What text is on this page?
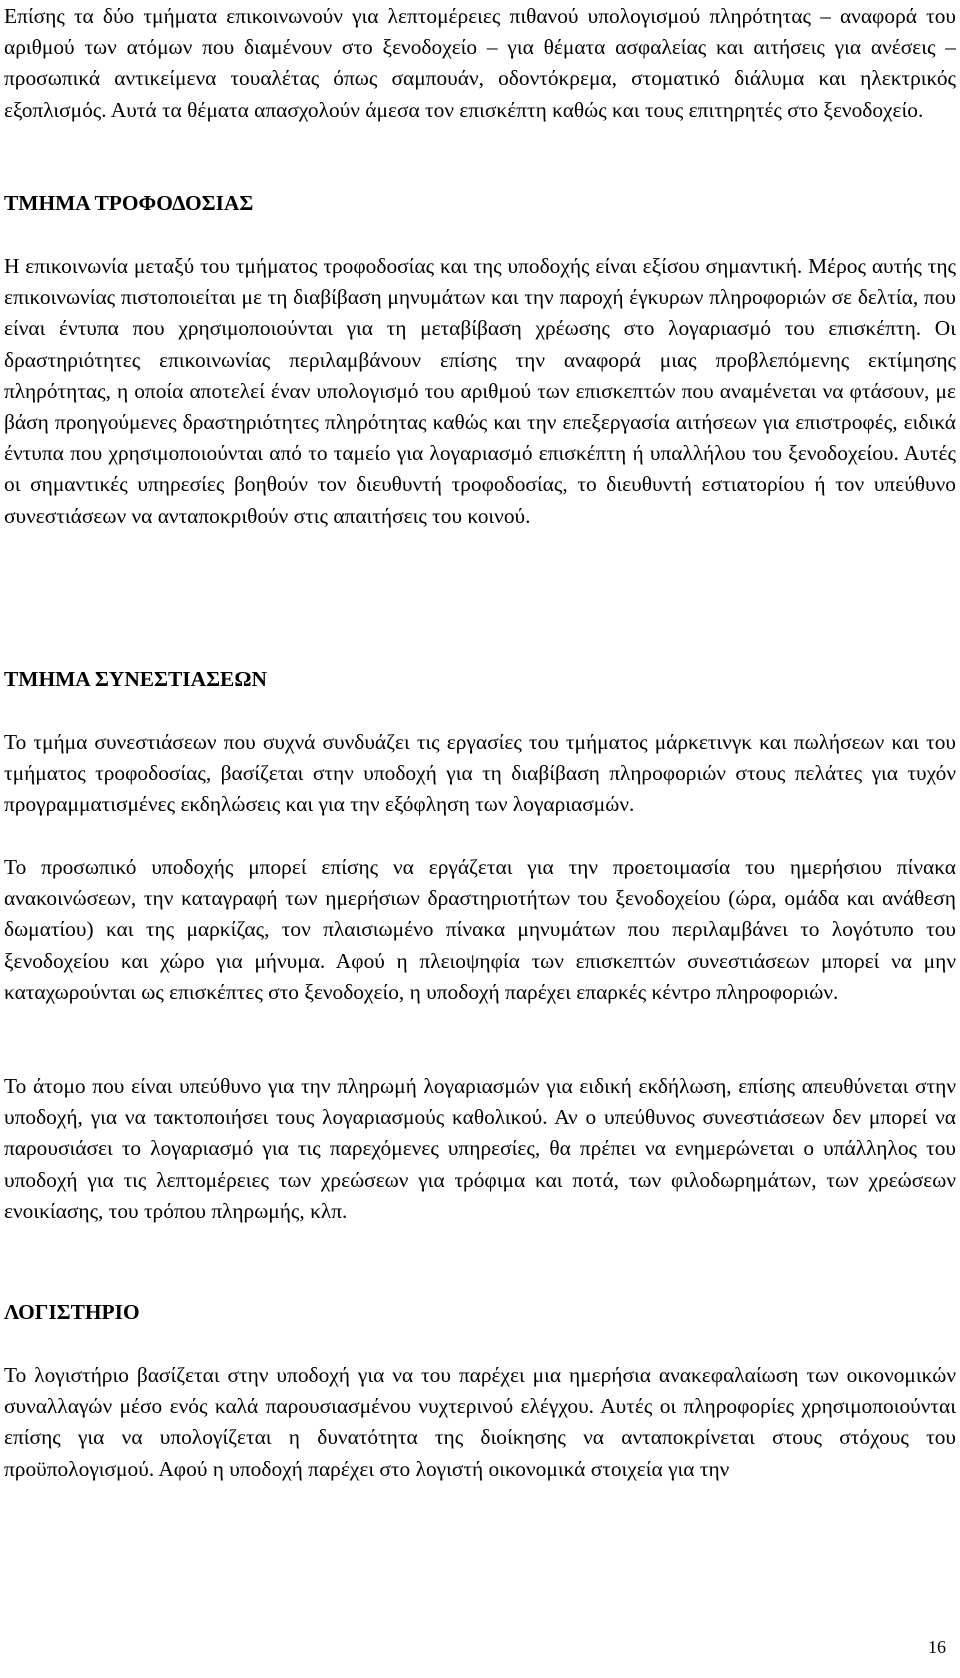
Επίσης τα δύο τμήματα επικοινωνούν για λεπτομέρειες πιθανού υπολογισμού πληρότητας – αναφορά του αριθμού των ατόμων που διαμένουν στο ξενοδοχείο – για θέματα ασφαλείας και αιτήσεις για ανέσεις – προσωπικά αντικείμενα τουαλέτας όπως σαμπουάν, οδοντόκρεμα, στοματικό διάλυμα και ηλεκτρικός εξοπλισμός. Αυτά τα θέματα απασχολούν άμεσα τον επισκέπτη καθώς και τους επιτηρητές στο ξενοδοχείο.

ΤΜΗΜΑ ΤΡΟΦΟΔΟΣΙΑΣ

Η επικοινωνία μεταξύ του τμήματος τροφοδοσίας και της υποδοχής είναι εξίσου σημαντική. Μέρος αυτής της επικοινωνίας πιστοποιείται με τη διαβίβαση μηνυμάτων και την παροχή έγκυρων πληροφοριών σε δελτία, που είναι έντυπα που χρησιμοποιούνται για τη μεταβίβαση χρέωσης στο λογαριασμό του επισκέπτη. Οι δραστηριότητες επικοινωνίας περιλαμβάνουν επίσης την αναφορά μιας προβλεπόμενης εκτίμησης πληρότητας, η οποία αποτελεί έναν υπολογισμό του αριθμού των επισκεπτών που αναμένεται να φτάσουν, με βάση προηγούμενες δραστηριότητες πληρότητας καθώς και την επεξεργασία αιτήσεων για επιστροφές, ειδικά έντυπα που χρησιμοποιούνται από το ταμείο για λογαριασμό επισκέπτη ή υπαλλήλου του ξενοδοχείου. Αυτές οι σημαντικές υπηρεσίες βοηθούν τον διευθυντή τροφοδοσίας, το διευθυντή εστιατορίου ή τον υπεύθυνο συνεστιάσεων να ανταποκριθούν στις απαιτήσεις του κοινού.

ΤΜΗΜΑ ΣΥΝΕΣΤΙΑΣΕΩΝ

Το τμήμα συνεστιάσεων που συχνά συνδυάζει τις εργασίες του τμήματος μάρκετινγκ και πωλήσεων και του τμήματος τροφοδοσίας, βασίζεται στην υποδοχή για τη διαβίβαση πληροφοριών στους πελάτες για τυχόν προγραμματισμένες εκδηλώσεις και για την εξόφληση των λογαριασμών.

Το προσωπικό υποδοχής μπορεί επίσης να εργάζεται για την προετοιμασία του ημερήσιου πίνακα ανακοινώσεων, την καταγραφή των ημερήσιων δραστηριοτήτων του ξενοδοχείου (ώρα, ομάδα και ανάθεση δωματίου) και της μαρκίζας, τον πλαισιωμένο πίνακα μηνυμάτων που περιλαμβάνει το λογότυπο του ξενοδοχείου και χώρο για μήνυμα. Αφού η πλειοψηφία των επισκεπτών συνεστιάσεων μπορεί να μην καταχωρούνται ως επισκέπτες στο ξενοδοχείο, η υποδοχή παρέχει επαρκές κέντρο πληροφοριών.

Το άτομο που είναι υπεύθυνο για την πληρωμή λογαριασμών για ειδική εκδήλωση, επίσης απευθύνεται στην υποδοχή, για να τακτοποιήσει τους λογαριασμούς καθολικού. Αν ο υπεύθυνος συνεστιάσεων δεν μπορεί να παρουσιάσει το λογαριασμό για τις παρεχόμενες υπηρεσίες, θα πρέπει να ενημερώνεται ο υπάλληλος του υποδοχή για τις λεπτομέρειες των χρεώσεων για τρόφιμα και ποτά, των φιλοδωρημάτων, των χρεώσεων ενοικίασης, του τρόπου πληρωμής, κλπ.

ΛΟΓΙΣΤΗΡΙΟ

Το λογιστήριο βασίζεται στην υποδοχή για να του παρέχει μια ημερήσια ανακεφαλαίωση των οικονομικών συναλλαγών μέσο ενός καλά παρουσιασμένου νυχτερινού ελέγχου. Αυτές οι πληροφορίες χρησιμοποιούνται επίσης για να υπολογίζεται η δυνατότητα της διοίκησης να ανταποκρίνεται στους στόχους του προϋπολογισμού. Αφού η υποδοχή παρέχει στο λογιστή οικονομικά στοιχεία για την

16
